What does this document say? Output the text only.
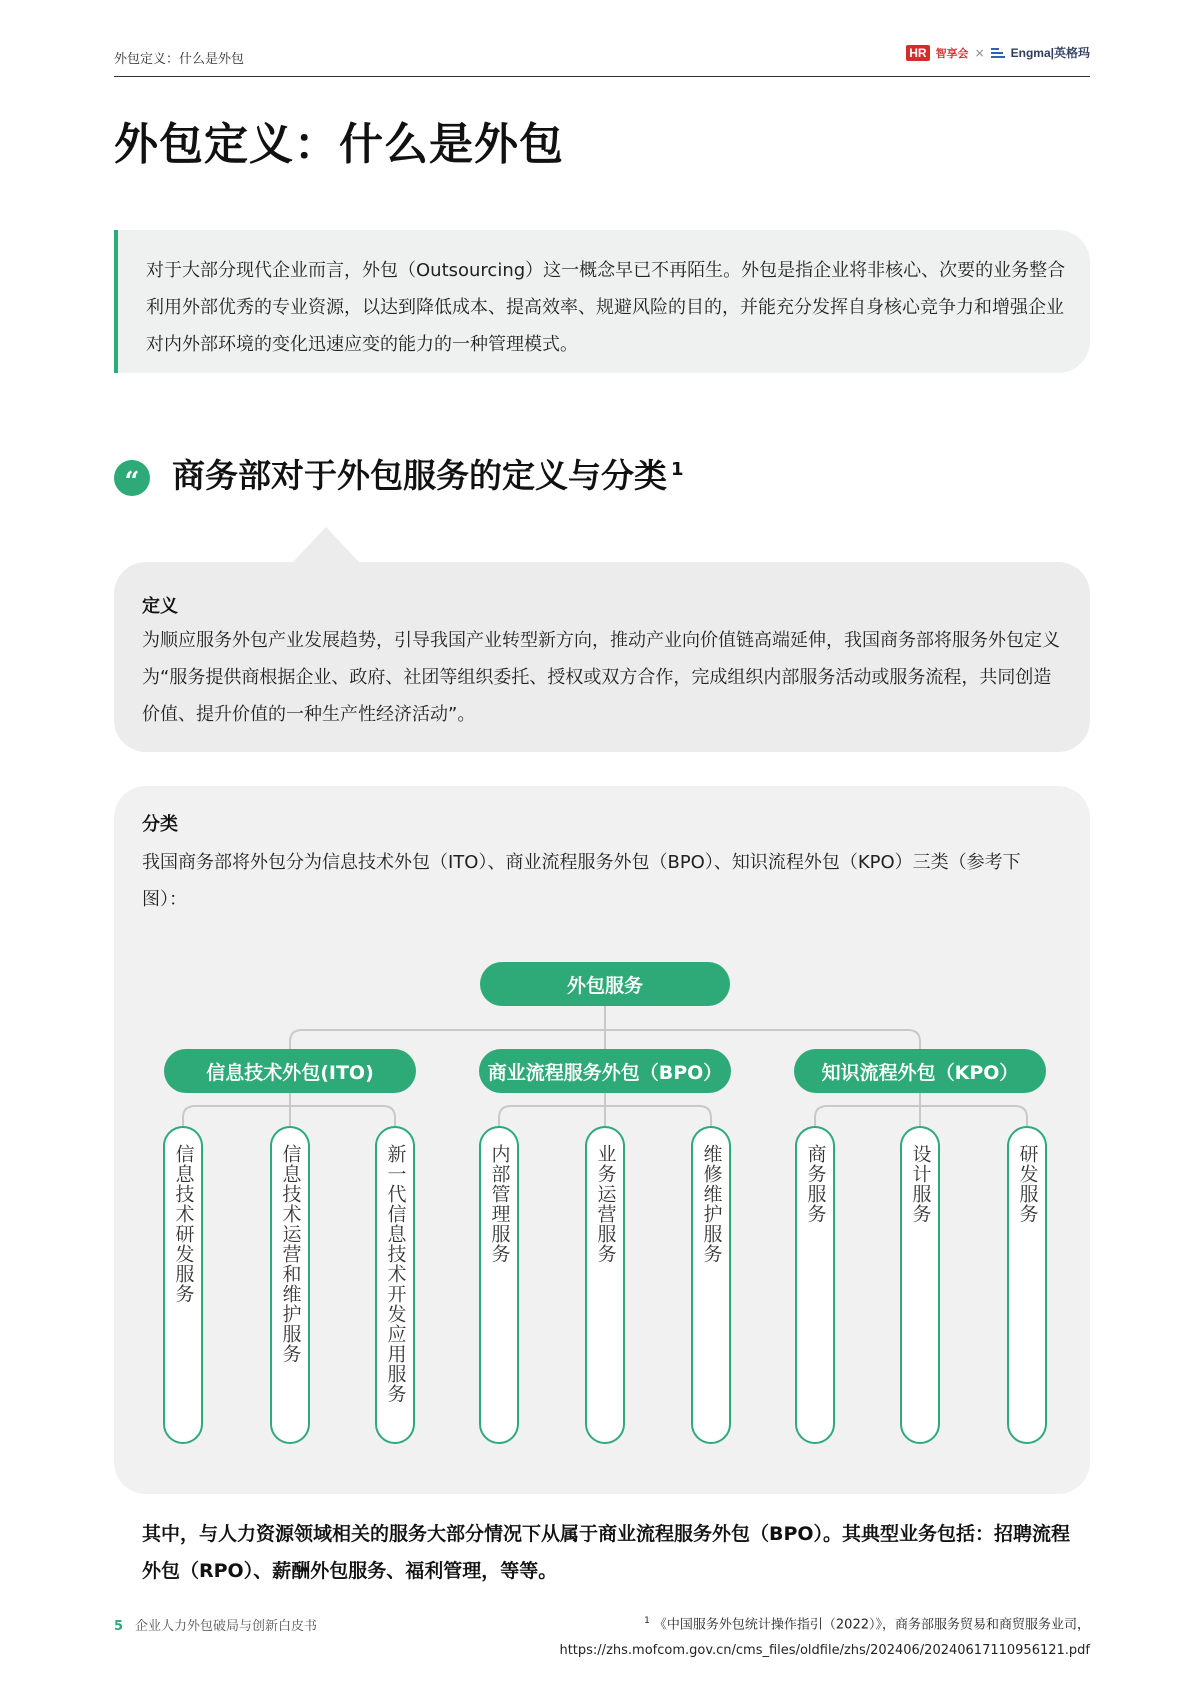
外包定义：什么是外包	HR 智享会 × Engma|英格玛
外包定义：什么是外包
对于大部分现代企业而言，外包（Outsourcing）这一概念早已不再陌生。外包是指企业将非核心、次要的业务整合利用外部优秀的专业资源，以达到降低成本、提高效率、规避风险的目的，并能充分发挥自身核心竞争力和增强企业对内外部环境的变化迅速应变的能力的一种管理模式。
“ 商务部对于外包服务的定义与分类 $^1$
定义
为顺应服务外包产业发展趋势，引导我国产业转型新方向，推动产业向价值链高端延伸，我国商务部将服务外包定义为“服务提供商根据企业、政府、社团等组织委托、授权或双方合作，完成组织内部服务活动或服务流程，共同创造价值、提升价值的一种生产性经济活动”。
分类
我国商务部将外包分为信息技术外包（ITO）、商业流程服务外包（BPO）、知识流程外包（KPO）三类（参考下图）：
外包服务
信息技术外包(ITO)	商业流程服务外包（BPO）	知识流程外包（KPO）
信息技术研发服务	信息技术运营和维护服务	新一代信息技术开发应用服务	内部管理服务	业务运营服务	维修维护服务	商务服务	设计服务	研发服务
其中，与人力资源领域相关的服务大部分情况下从属于商业流程服务外包（BPO）。其典型业务包括：招聘流程外包（RPO）、薪酬外包服务、福利管理，等等。
5 企业人力外包破局与创新白皮书	$^1$ 《中国服务外包统计操作指引（2022）》，商务部服务贸易和商贸服务业司，
https://zhs.mofcom.gov.cn/cms_files/oldfile/zhs/202406/20240617110956121.pdf
